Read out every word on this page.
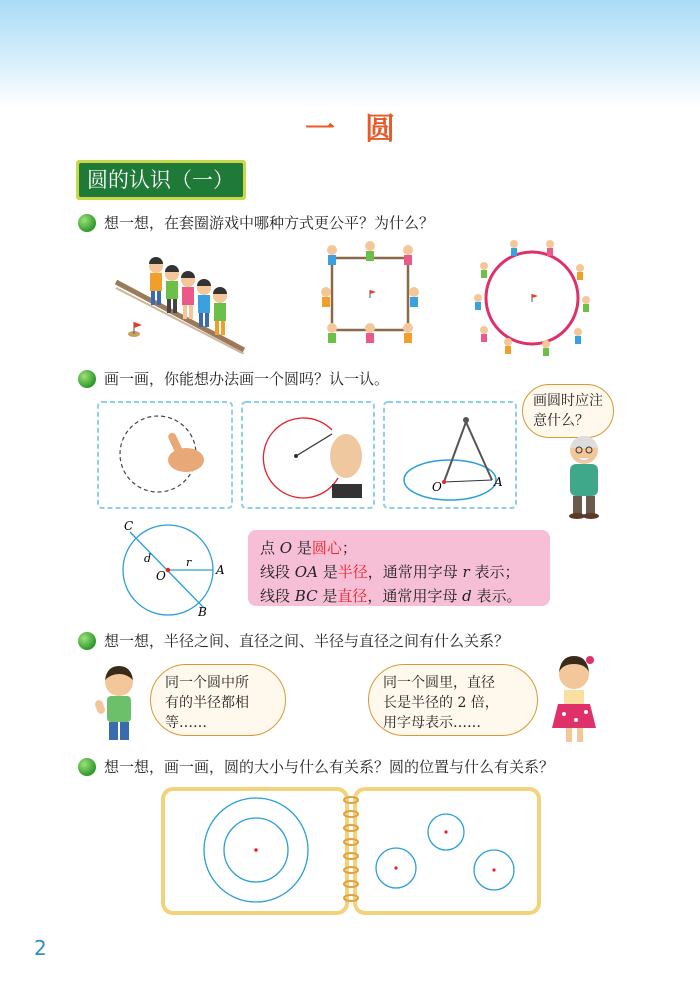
一　圆
圆的认识（一）
想一想，在套圈游戏中哪种方式更公平？为什么？
画一画，你能想办法画一个圆吗？认一认。
O	A
画圆时应注
意什么？
C
d
O
r
A
B
点 O 是圆心；
线段 OA 是半径，通常用字母 r 表示；
线段 BC 是直径，通常用字母 d 表示。
想一想，半径之间、直径之间、半径与直径之间有什么关系？
同一个圆中所
有的半径都相
等……
同一个圆里，直径
长是半径的 2 倍，
用字母表示……
想一想，画一画，圆的大小与什么有关系？圆的位置与什么有关系？
2
